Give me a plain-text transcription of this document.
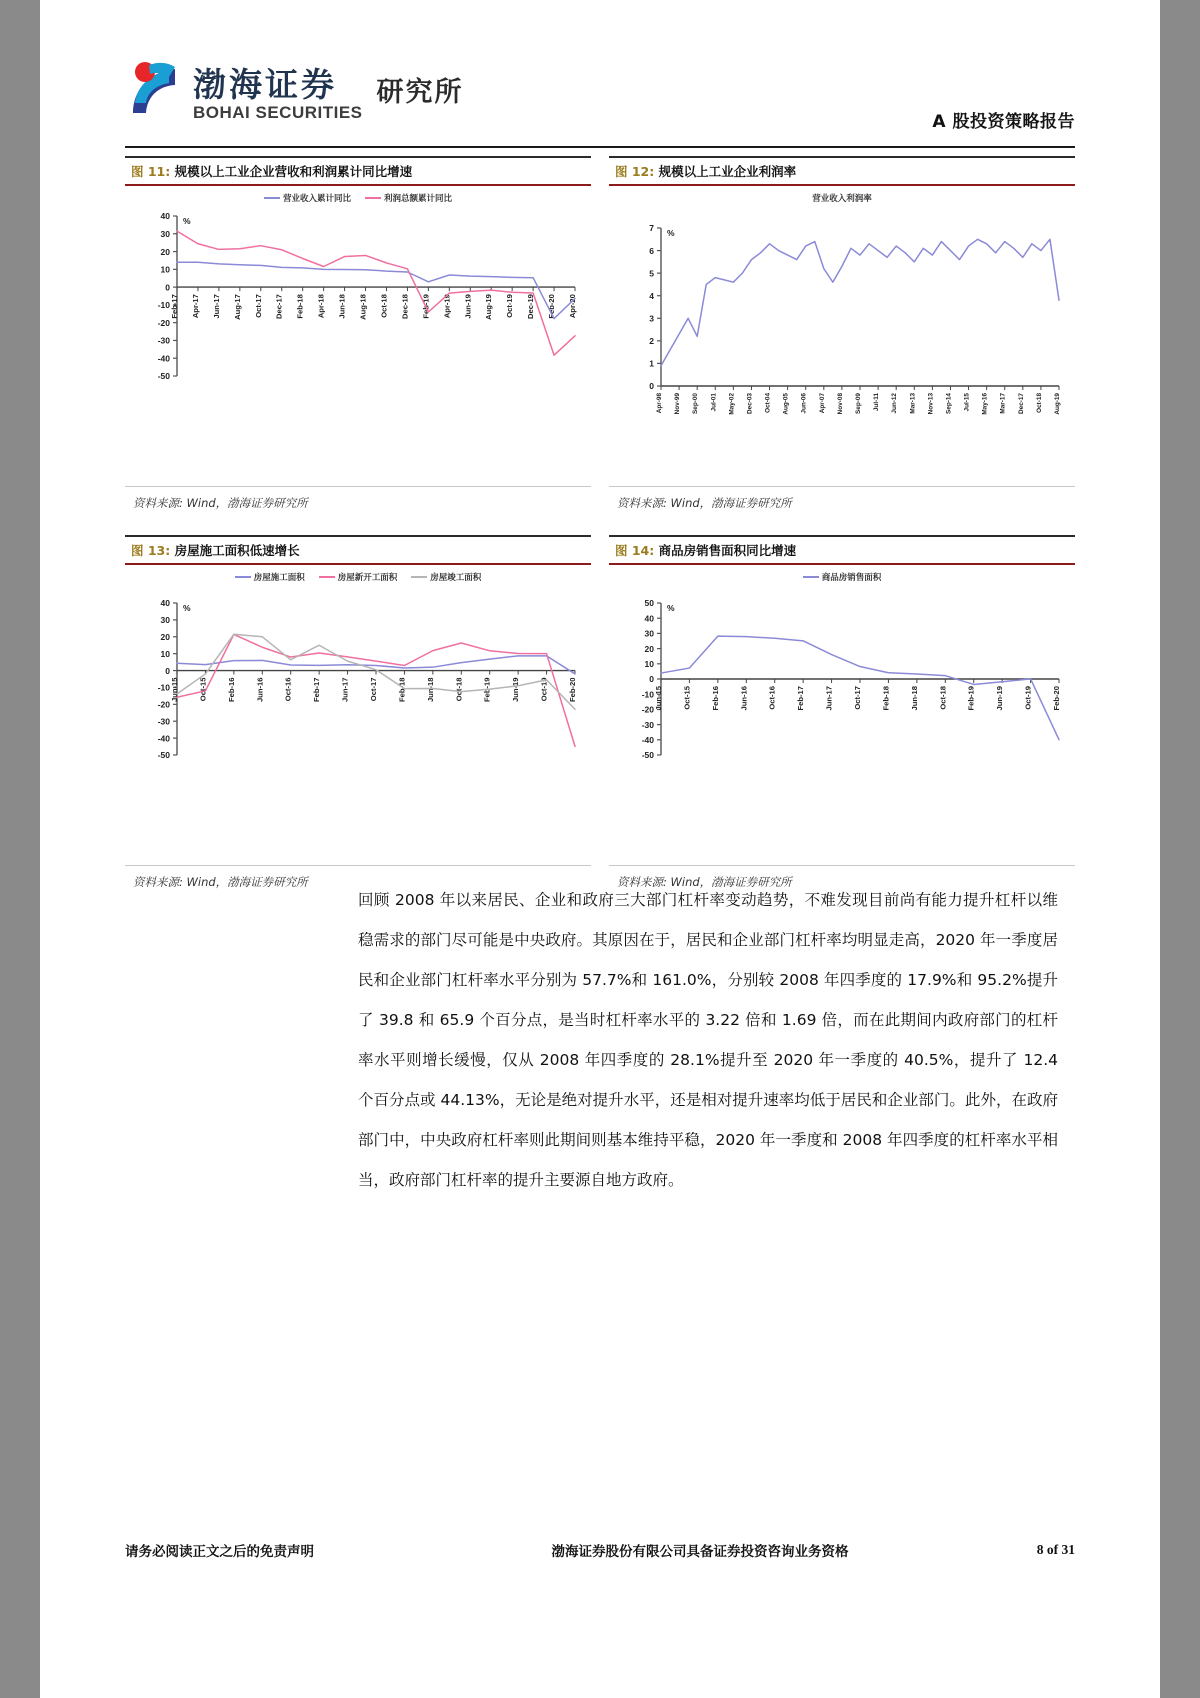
渤海证券
BOHAI SECURITIES
研究所
A 股投资策略报告
图 11: 规模以上工业企业营收和利润累计同比增速
营业收入累计同比	利润总额累计同比
40
30
20
10
0
-10
-20
-30
-40
-50
%
Feb-17 Apr-17 Jun-17 Aug-17 Oct-17 Dec-17 Feb-18 Apr-18 Jun-18 Aug-18 Oct-18 Dec-18 Feb-19 Apr-19 Jun-19 Aug-19 Oct-19 Dec-19 Feb-20 Apr-20
资料来源: Wind，渤海证券研究所
图 12: 规模以上工业企业利润率
营业收入利润率
7
6
5
4
3
2
1
0
%
Apr-98 Nov-99 Sep-00 Jul-01 May-02 Dec-03 Oct-04 Aug-05 Jun-06 Apr-07 Nov-08 Sep-09 Jul-11 Jun-12 Mar-13 Nov-13 Sep-14 Jul-15 May-16 Mar-17 Dec-17 Oct-18 Aug-19
资料来源: Wind，渤海证券研究所
图 13: 房屋施工面积低速增长
房屋施工面积	房屋新开工面积	房屋竣工面积
40
30
20
10
0
-10
-20
-30
-40
-50
%
Jun-15	Oct-15	Feb-16	Jun-16	Oct-16	Feb-17	Jun-17	Oct-17	Feb-18	Jun-18	Oct-18	Feb-19	Jun-19	Oct-19	Feb-20
资料来源: Wind，渤海证券研究所
图 14: 商品房销售面积同比增速
商品房销售面积
50
40
30
20
10
0
-10
-20
-30
-40
-50
%
Jun-15	Oct-15	Feb-16	Jun-16	Oct-16	Feb-17	Jun-17	Oct-17	Feb-18	Jun-18	Oct-18	Feb-19	Jun-19	Oct-19	Feb-20
资料来源: Wind，渤海证券研究所
回顾 2008 年以来居民、企业和政府三大部门杠杆率变动趋势，不难发现目前尚有能力提升杠杆以维稳需求的部门尽可能是中央政府。其原因在于，居民和企业部门杠杆率均明显走高，2020 年一季度居民和企业部门杠杆率水平分别为 57.7%和 161.0%，分别较 2008 年四季度的 17.9%和 95.2%提升了 39.8 和 65.9 个百分点，是当时杠杆率水平的 3.22 倍和 1.69 倍，而在此期间内政府部门的杠杆率水平则增长缓慢，仅从 2008 年四季度的 28.1%提升至 2020 年一季度的 40.5%，提升了 12.4 个百分点或 44.13%，无论是绝对提升水平，还是相对提升速率均低于居民和企业部门。此外，在政府部门中，中央政府杠杆率则此期间则基本维持平稳，2020 年一季度和 2008 年四季度的杠杆率水平相当，政府部门杠杆率的提升主要源自地方政府。
请务必阅读正文之后的免责声明	渤海证券股份有限公司具备证券投资咨询业务资格	8 of 31
